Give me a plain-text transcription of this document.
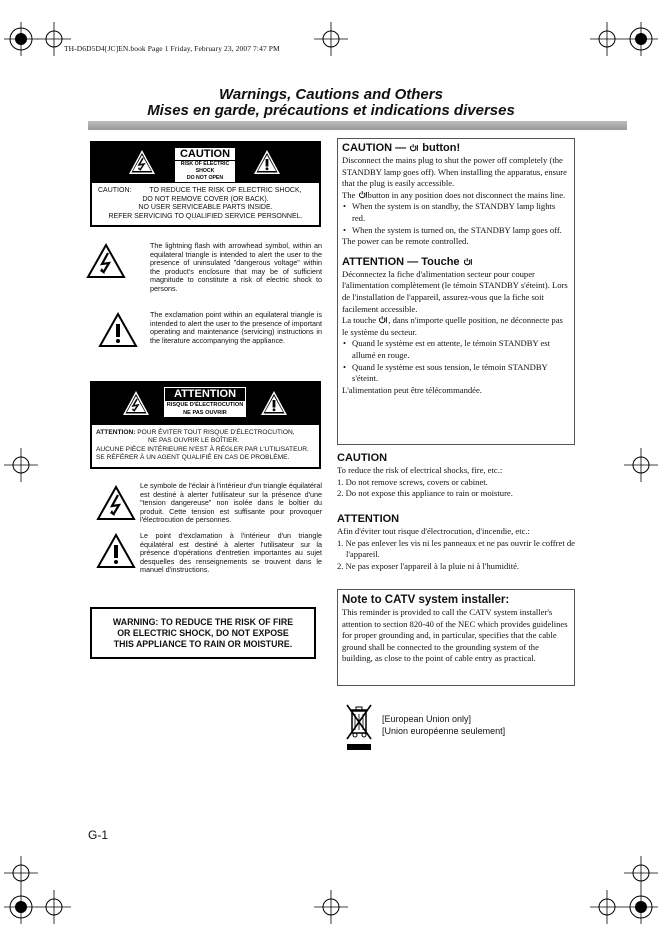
TH-D6D5D4[JC]EN.book Page 1 Friday, February 23, 2007 7:47 PM
Warnings, Cautions and Others
Mises en garde, précautions et indications diverses
CAUTION
RISK OF ELECTRIC SHOCK
DO NOT OPEN
CAUTION:	TO REDUCE THE RISK OF ELECTRIC SHOCK,
DO NOT REMOVE COVER (OR BACK).
NO USER SERVICEABLE PARTS INSIDE.
REFER SERVICING TO QUALIFIED SERVICE PERSONNEL.
The lightning flash with arrowhead symbol, within an equilateral triangle is intended to alert the user to the presence of uninsulated "dangerous voltage" within the product's enclosure that may be of sufficient magnitude to constitute a risk of electric shock to persons.
The exclamation point within an equilateral triangle is intended to alert the user to the presence of important operating and maintenance (servicing) instructions in the literature accompanying the appliance.
ATTENTION
RISQUE D'ÉLECTROCUTION
NE PAS OUVRIR
ATTENTION: POUR ÉVITER TOUT RISQUE D'ÉLECTROCUTION,
NE PAS OUVRIR LE BOÎTIER.
AUCUNE PIÈCE INTÉRIEURE N'EST À RÉGLER PAR L'UTILISATEUR.
SE RÉFÉRER À UN AGENT QUALIFIÉ EN CAS DE PROBLÈME.
Le symbole de l'éclair à l'intérieur d'un triangle équilatéral est destiné à alerter l'utilisateur sur la présence d'une "tension dangereuse" non isolée dans le boîtier du produit. Cette tension est suffisante pour provoquer l'électrocution de personnes.
Le point d'exclamation à l'intérieur d'un triangle équilatéral est destiné à alerter l'utilisateur sur la présence d'opérations d'entretien importantes au sujet desquelles des renseignements se trouvent dans le manuel d'instructions.
WARNING: TO REDUCE THE RISK OF FIRE
OR ELECTRIC SHOCK, DO NOT EXPOSE
THIS APPLIANCE TO RAIN OR MOISTURE.
CAUTION — button!

Disconnect the mains plug to shut the power off completely (the STANDBY lamp goes off). When installing the apparatus, ensure that the plug is easily accessible.

The button in any position does not disconnect the mains line.

• When the system is on standby, the STANDBY lamp lights red.
• When the system is turned on, the STANDBY lamp goes off.

The power can be remote controlled.

ATTENTION — Touche

Déconnectez la fiche d'alimentation secteur pour couper l'alimentation complètement (le témoin STANDBY s'éteint). Lors de l'installation de l'appareil, assurez-vous que la fiche soit facilement accessible.

La touche , dans n'importe quelle position, ne déconnecte pas le système du secteur.

• Quand le système est en attente, le témoin STANDBY est allumé en rouge.
• Quand le système est sous tension, le témoin STANDBY s'éteint.

L'alimentation peut être télécommandée.

CAUTION

To reduce the risk of electrical shocks, fire, etc.:

1. Do not remove screws, covers or cabinet.

2. Do not expose this appliance to rain or moisture.

ATTENTION

Afin d'éviter tout risque d'électrocution, d'incendie, etc.:

1. Ne pas enlever les vis ni les panneaux et ne pas ouvrir le coffret de l'appareil.

2. Ne pas exposer l'appareil à la pluie ni à l'humidité.

Note to CATV system installer:

This reminder is provided to call the CATV system installer's attention to section 820-40 of the NEC which provides guidelines for proper grounding and, in particular, specifies that the cable ground shall be connected to the grounding system of the building, as close to the point of cable entry as practical.

[European Union only]
[Union européenne seulement]
G-1
